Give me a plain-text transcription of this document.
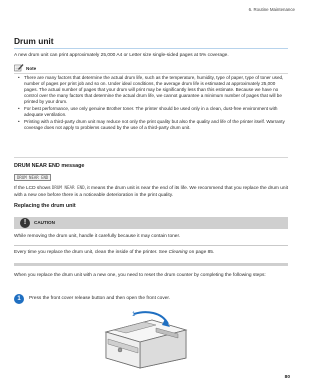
6. Routine Maintenance
Drum unit
A new drum unit can print approximately 25,000 A4 or Letter size single-sided pages at 5% coverage.
Note
• There are many factors that determine the actual drum life, such as the temperature, humidity, type of paper, type of toner used, number of pages per print job and so on. Under ideal conditions, the average drum life is estimated at approximately 25,000 pages. The actual number of pages that your drum will print may be significantly less than this estimate. Because we have no control over the many factors that determine the actual drum life, we cannot guarantee a minimum number of pages that will be printed by your drum.
• For best performance, use only genuine Brother toner. The printer should be used only in a clean, dust-free environment with adequate ventilation.
• Printing with a third-party drum unit may reduce not only the print quality but also the quality and life of the printer itself. Warranty coverage does not apply to problems caused by the use of a third-party drum unit.
DRUM NEAR END message
DRUM NEAR END
If the LCD shows DRUM NEAR END, it means the drum unit is near the end of its life. We recommend that you replace the drum unit with a new one before there is a noticeable deterioration in the print quality.
Replacing the drum unit
!	CAUTION
While removing the drum unit, handle it carefully because it may contain toner.
Every time you replace the drum unit, clean the inside of the printer. See Cleaning on page 85.
When you replace the drum unit with a new one, you need to reset the drum counter by completing the following steps:
1	Press the front cover release button and then open the front cover.
1
80
